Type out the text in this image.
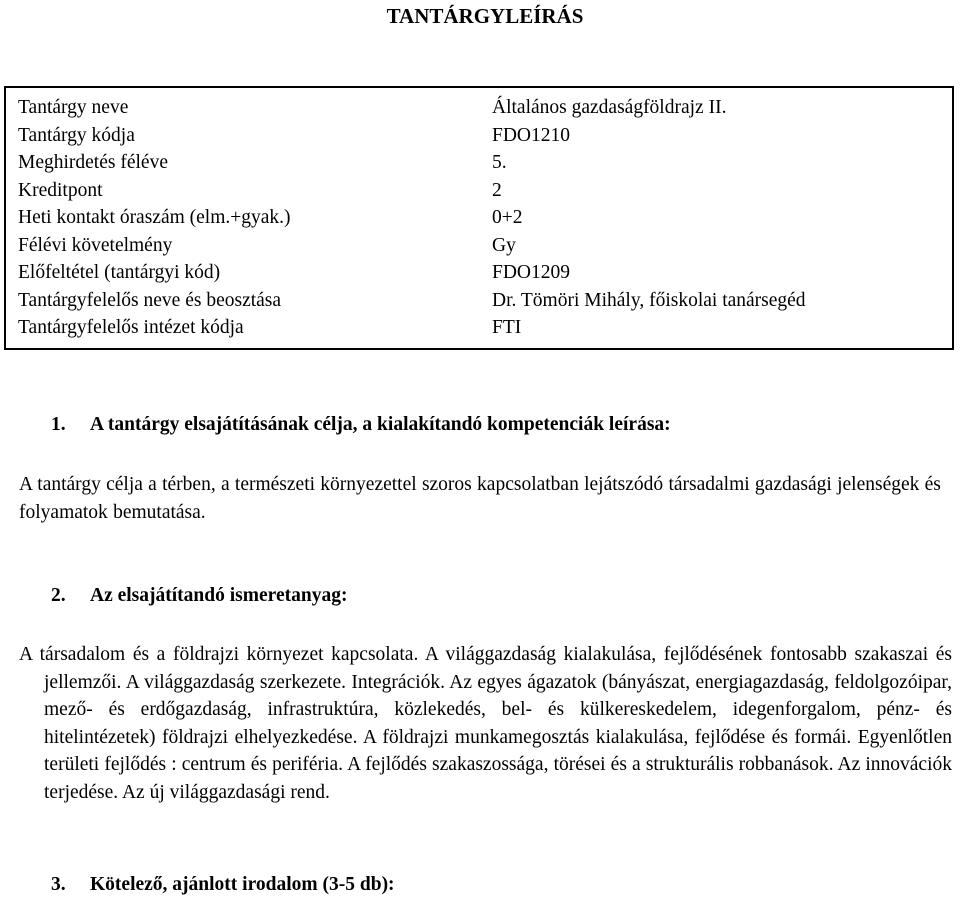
TANTÁRGYLEÍRÁS
Tantárgy neve	Általános gazdaságföldrajz II.
Tantárgy kódja	FDO1210
Meghirdetés féléve	5.
Kreditpont	2
Heti kontakt óraszám (elm.+gyak.)	0+2
Félévi követelmény	Gy
Előfeltétel (tantárgyi kód)	FDO1209
Tantárgyfelelős neve és beosztása	Dr. Tömöri Mihály, főiskolai tanársegéd
Tantárgyfelelős intézet kódja	FTI
1. A tantárgy elsajátításának célja, a kialakítandó kompetenciák leírása:
A tantárgy célja a térben, a természeti környezettel szoros kapcsolatban lejátszódó társadalmi gazdasági jelenségek és folyamatok bemutatása.
2. Az elsajátítandó ismeretanyag:
A társadalom és a földrajzi környezet kapcsolata. A világgazdaság kialakulása, fejlődésének fontosabb szakaszai és jellemzői. A világgazdaság szerkezete. Integrációk. Az egyes ágazatok (bányászat, energiagazdaság, feldolgozóipar, mező- és erdőgazdaság, infrastruktúra, közlekedés, bel- és külkereskedelem, idegenforgalom, pénz- és hitelintézetek) földrajzi elhelyezkedése. A földrajzi munkamegosztás kialakulása, fejlődése és formái. Egyenlőtlen területi fejlődés : centrum és periféria. A fejlődés szakaszossága, törései és a strukturális robbanások. Az innovációk terjedése. Az új világgazdasági rend.
3. Kötelező, ajánlott irodalom (3-5 db):
